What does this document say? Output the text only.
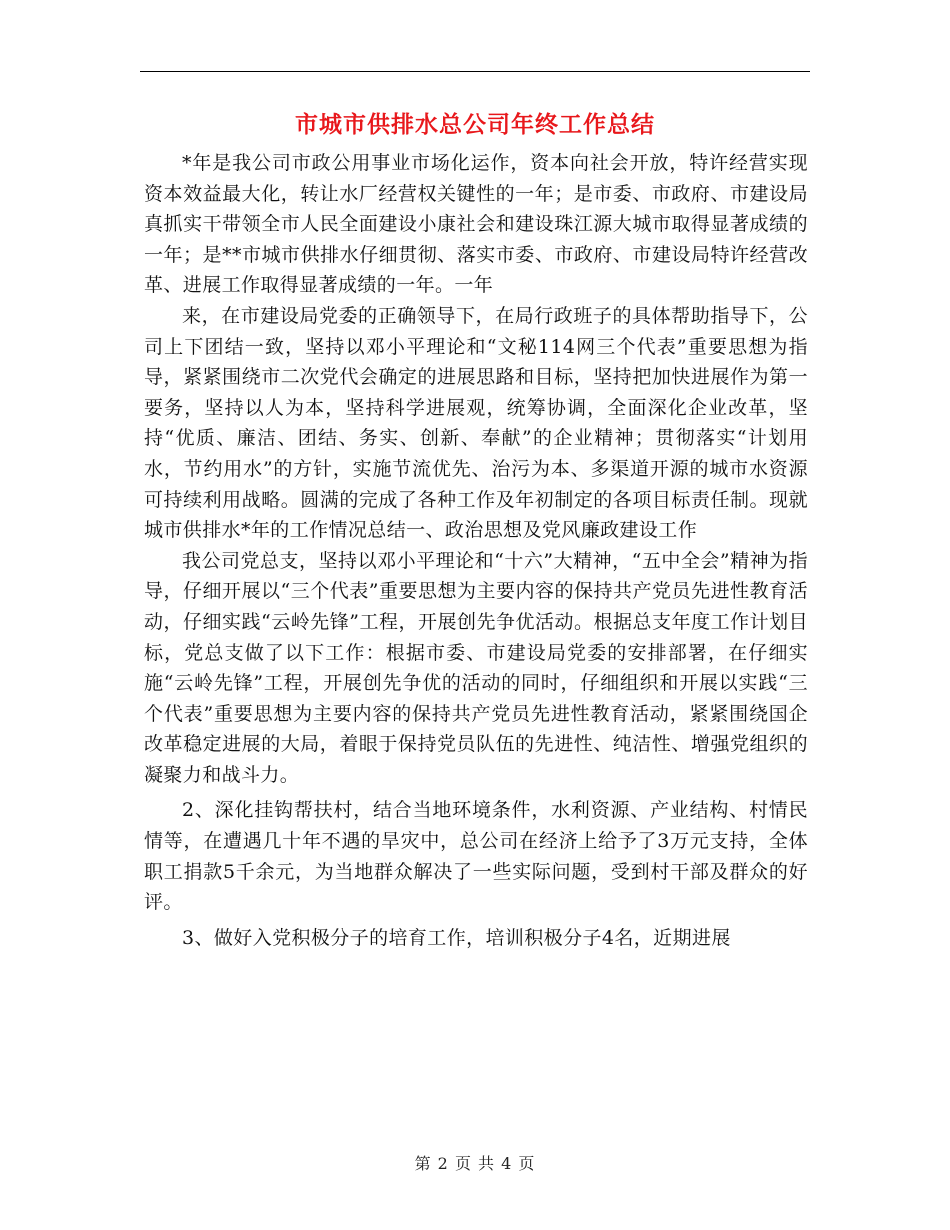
市城市供排水总公司年终工作总结

*年是我公司市政公用事业市场化运作，资本向社会开放，特许经营实现资本效益最大化，转让水厂经营权关键性的一年；是市委、市政府、市建设局真抓实干带领全市人民全面建设小康社会和建设珠江源大城市取得显著成绩的一年；是**市城市供排水仔细贯彻、落实市委、市政府、市建设局特许经营改革、进展工作取得显著成绩的一年。一年

来，在市建设局党委的正确领导下，在局行政班子的具体帮助指导下，公司上下团结一致，坚持以邓小平理论和“文秘114网三个代表”重要思想为指导，紧紧围绕市二次党代会确定的进展思路和目标，坚持把加快进展作为第一要务，坚持以人为本，坚持科学进展观，统筹协调，全面深化企业改革，坚持“优质、廉洁、团结、务实、创新、奉献”的企业精神；贯彻落实“计划用水，节约用水”的方针，实施节流优先、治污为本、多渠道开源的城市水资源可持续利用战略。圆满的完成了各种工作及年初制定的各项目标责任制。现就城市供排水*年的工作情况总结一、政治思想及党风廉政建设工作

我公司党总支，坚持以邓小平理论和“十六”大精神，“五中全会”精神为指导，仔细开展以“三个代表”重要思想为主要内容的保持共产党员先进性教育活动，仔细实践“云岭先锋”工程，开展创先争优活动。根据总支年度工作计划目标，党总支做了以下工作：根据市委、市建设局党委的安排部署，在仔细实施“云岭先锋”工程，开展创先争优的活动的同时，仔细组织和开展以实践“三个代表”重要思想为主要内容的保持共产党员先进性教育活动，紧紧围绕国企改革稳定进展的大局，着眼于保持党员队伍的先进性、纯洁性、增强党组织的凝聚力和战斗力。

2、深化挂钩帮扶村，结合当地环境条件，水利资源、产业结构、村情民情等，在遭遇几十年不遇的旱灾中，总公司在经济上给予了3万元支持，全体职工捐款5千余元，为当地群众解决了一些实际问题，受到村干部及群众的好评。

3、做好入党积极分子的培育工作，培训积极分子4名，近期进展

第 2 页 共 4 页
